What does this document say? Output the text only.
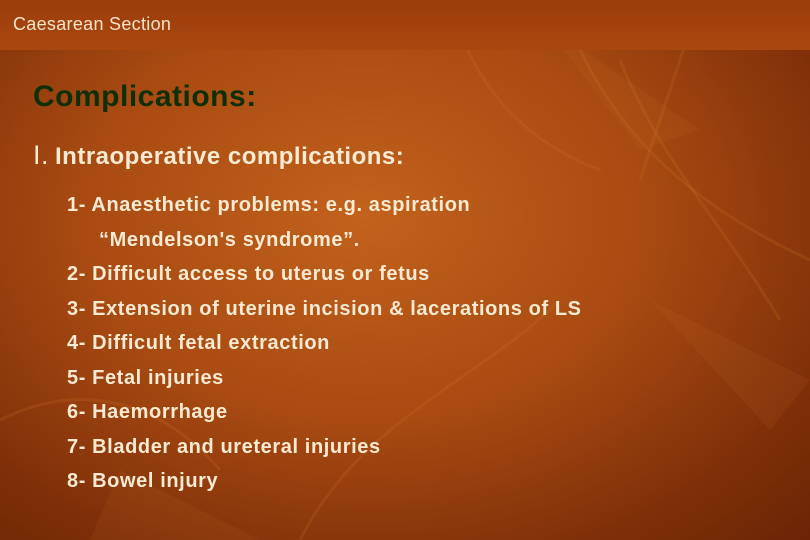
Caesarean Section
Complications:
I. Intraoperative complications:
1- Anaesthetic problems: e.g. aspiration
“Mendelson's syndrome”.
2- Difficult access to uterus or fetus
3- Extension of uterine incision & lacerations of LS
4- Difficult fetal extraction
5- Fetal injuries
6- Haemorrhage
7- Bladder and ureteral injuries
8- Bowel injury
